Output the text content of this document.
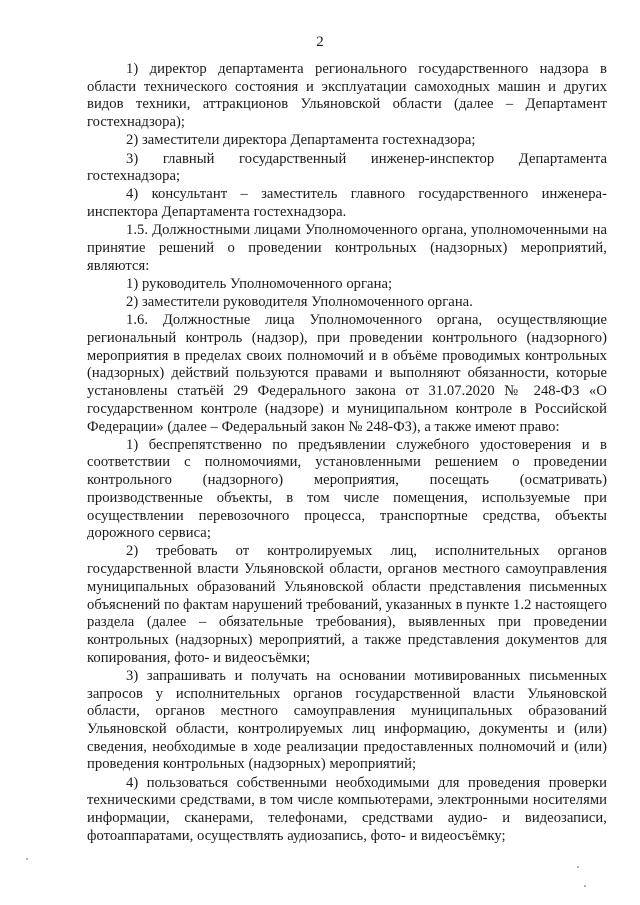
2

1) директор департамента регионального государственного надзора в области технического состояния и эксплуатации самоходных машин и других видов техники, аттракционов Ульяновской области (далее – Департамент гостехнадзора);

2) заместители директора Департамента гостехнадзора;

3) главный государственный инженер-инспектор Департамента гостехнадзора;

4) консультант – заместитель главного государственного инженера-инспектора Департамента гостехнадзора.

1.5. Должностными лицами Уполномоченного органа, уполномоченными на принятие решений о проведении контрольных (надзорных) мероприятий, являются:

1) руководитель Уполномоченного органа;

2) заместители руководителя Уполномоченного органа.

1.6. Должностные лица Уполномоченного органа, осуществляющие региональный контроль (надзор), при проведении контрольного (надзорного) мероприятия в пределах своих полномочий и в объёме проводимых контрольных (надзорных) действий пользуются правами и выполняют обязанности, которые установлены статьёй 29 Федерального закона от 31.07.2020 № 248-ФЗ «О государственном контроле (надзоре) и муниципальном контроле в Российской Федерации» (далее – Федеральный закон № 248-ФЗ), а также имеют право:

1) беспрепятственно по предъявлении служебного удостоверения и в соответствии с полномочиями, установленными решением о проведении контрольного (надзорного) мероприятия, посещать (осматривать) производственные объекты, в том числе помещения, используемые при осуществлении перевозочного процесса, транспортные средства, объекты дорожного сервиса;

2) требовать от контролируемых лиц, исполнительных органов государственной власти Ульяновской области, органов местного самоуправления муниципальных образований Ульяновской области представления письменных объяснений по фактам нарушений требований, указанных в пункте 1.2 настоящего раздела (далее – обязательные требования), выявленных при проведении контрольных (надзорных) мероприятий, а также представления документов для копирования, фото- и видеосъёмки;

3) запрашивать и получать на основании мотивированных письменных запросов у исполнительных органов государственной власти Ульяновской области, органов местного самоуправления муниципальных образований Ульяновской области, контролируемых лиц информацию, документы и (или) сведения, необходимые в ходе реализации предоставленных полномочий и (или) проведения контрольных (надзорных) мероприятий;

4) пользоваться собственными необходимыми для проведения проверки техническими средствами, в том числе компьютерами, электронными носителями информации, сканерами, телефонами, средствами аудио- и видеозаписи, фотоаппаратами, осуществлять аудиозапись, фото- и видеосъёмку;
